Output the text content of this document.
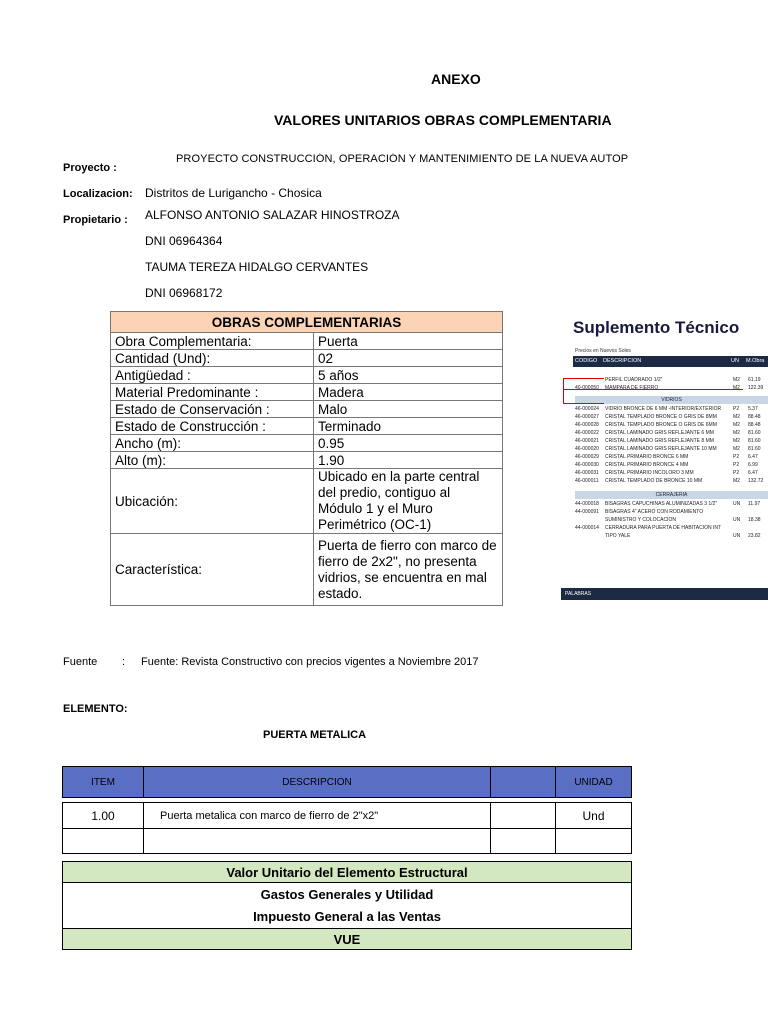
ANEXO
VALORES UNITARIOS OBRAS COMPLEMENTARIA
Proyecto :
PROYECTO CONSTRUCCIÓN, OPERACIÓN Y MANTENIMIENTO DE LA NUEVA AUTOP
Localizacion: Distritos de Lurigancho - Chosica
Propietario : ALFONSO ANTONIO SALAZAR HINOSTROZA
DNI 06964364
TAUMA TEREZA HIDALGO CERVANTES
DNI 06968172
OBRAS COMPLEMENTARIAS	
Obra Complementaria:	Puerta
Cantidad (Und):	02
Antigüedad :	5 años
Material Predominante :	Madera
Estado de Conservación :	Malo
Estado de Construcción :	Terminado
Ancho (m):	0.95
Alto (m):	1.90
Ubicación:	Ubicado en la parte central del predio, contiguo al Módulo 1 y el Muro Perimétrico (OC-1)
Característica:	Puerta de fierro con marco de fierro de 2x2", no presenta vidrios, se encuentra en mal estado.
Suplemento Técnico
Precios en Nuevos Soles
CODIGO DESCRIPCION	UN M.Obra
PERFIL CUADRADO 1/2"	M2 61.19
40-000050 MAMPARA DE FIERRO	M2 122.39
VIDRIOS
46-000024 VIDRIO BRONCE DE 6 MM -INTERIOR/EXTERIOR P2 5.37
46-000027 CRISTAL TEMPLADO BRONCE O GRIS DE 8MM	M2 88.48
46-000028 CRISTAL TEMPLADO BRONCE O GRIS DE 6MM	M2 88.48
46-000022 CRISTAL LAMINADO GRIS REFLEJANTE 6 MM	M2 81.60
46-000021 CRISTAL LAMINADO GRIS REFLEJANTE 8 MM	M2 81.60
46-000020 CRISTAL LAMINADO GRIS REFLEJANTE 10 MM	M2 81.60
46-000029 CRISTAL PRIMARIO BRONCE 6 MM	P2 6.47
46-000030 CRISTAL PRIMARIO BRONCE 4 MM	P2 6.99
46-000031 CRISTAL PRIMARIO INCOLORO 3 MM	P2 6.47
46-000011 CRISTAL TEMPLADO DE BRONCE 10 MM	M2 132.72
CERRAJERIA
44-000018 BISAGRAS CAPUCHINAS ALUMINIZADAS 3 1/2"	UN 11.97
44-000091 BISAGRAS 4" ACERO CON RODAMIENTO
SUMINISTRO Y COLOCACION	UN 18.38
44-000014 CERRADURA PARA PUERTA DE HABITACION INT
TIPO YALE	UN 23.82
PALABRAS
Fuente : Fuente: Revista Constructivo con precios vigentes a Noviembre 2017
ELEMENTO:
PUERTA METALICA
ITEM	DESCRIPCION	UNIDAD
1.00	Puerta metalica con marco de fierro de 2"x2"	Und
Valor Unitario del Elemento Estructural
Gastos Generales y Utilidad
Impuesto General a las Ventas
VUE
